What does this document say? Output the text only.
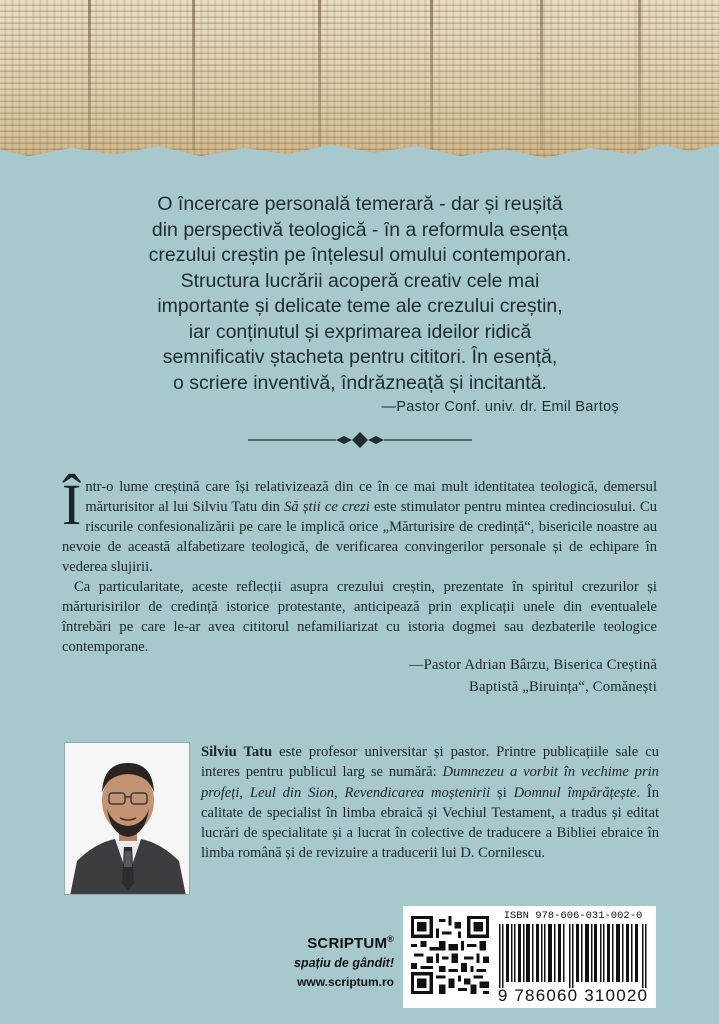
O încercare personală temerară - dar și reușită
din perspectivă teologică - în a reformula esența
crezului creștin pe înțelesul omului contemporan.
Structura lucrării acoperă creativ cele mai
importante și delicate teme ale crezului creștin,
iar conținutul și exprimarea ideilor ridică
semnificativ ștacheta pentru cititori. În esență,
o scriere inventivă, îndrăzneață și incitantă.
—Pastor Conf. univ. dr. Emil Bartoș

Într-o lume creștină care își relativizează din ce în ce mai mult identitatea teologică, demersul mărturisitor al lui Silviu Tatu din Să știi ce crezi este stimulator pentru mintea credinciosului. Cu riscurile confesionalizării pe care le implică orice „Mărturisire de credință“, bisericile noastre au nevoie de această alfabetizare teologică, de verificarea convingerilor personale și de echipare în vederea slujirii.

Ca particularitate, aceste reflecții asupra crezului creștin, prezentate în spiritul crezurilor și mărturisirilor de credință istorice protestante, anticipează prin explicații unele din eventualele întrebări pe care le-ar avea cititorul nefamiliarizat cu istoria dogmei sau dezbaterile teologice contemporane.

—Pastor Adrian Bârzu, Biserica Creștină
Baptistă „Biruința“, Comănești
Silviu Tatu este profesor universitar și pastor. Printre publicațiile sale cu interes pentru publicul larg se numără: Dumnezeu a vorbit în vechime prin profeți, Leul din Sion, Revendicarea moștenirii și Domnul împărățește. În calitate de specialist în limba ebraică și Vechiul Testament, a tradus și editat lucrări de specialitate și a lucrat în colective de traducere a Bibliei ebraice în limba română și de revizuire a traducerii lui D. Cornilescu.
SCRIPTUM®
spațiu de gândit!
www.scriptum.ro
ISBN 978-606-031-002-0
9 786060 310020
